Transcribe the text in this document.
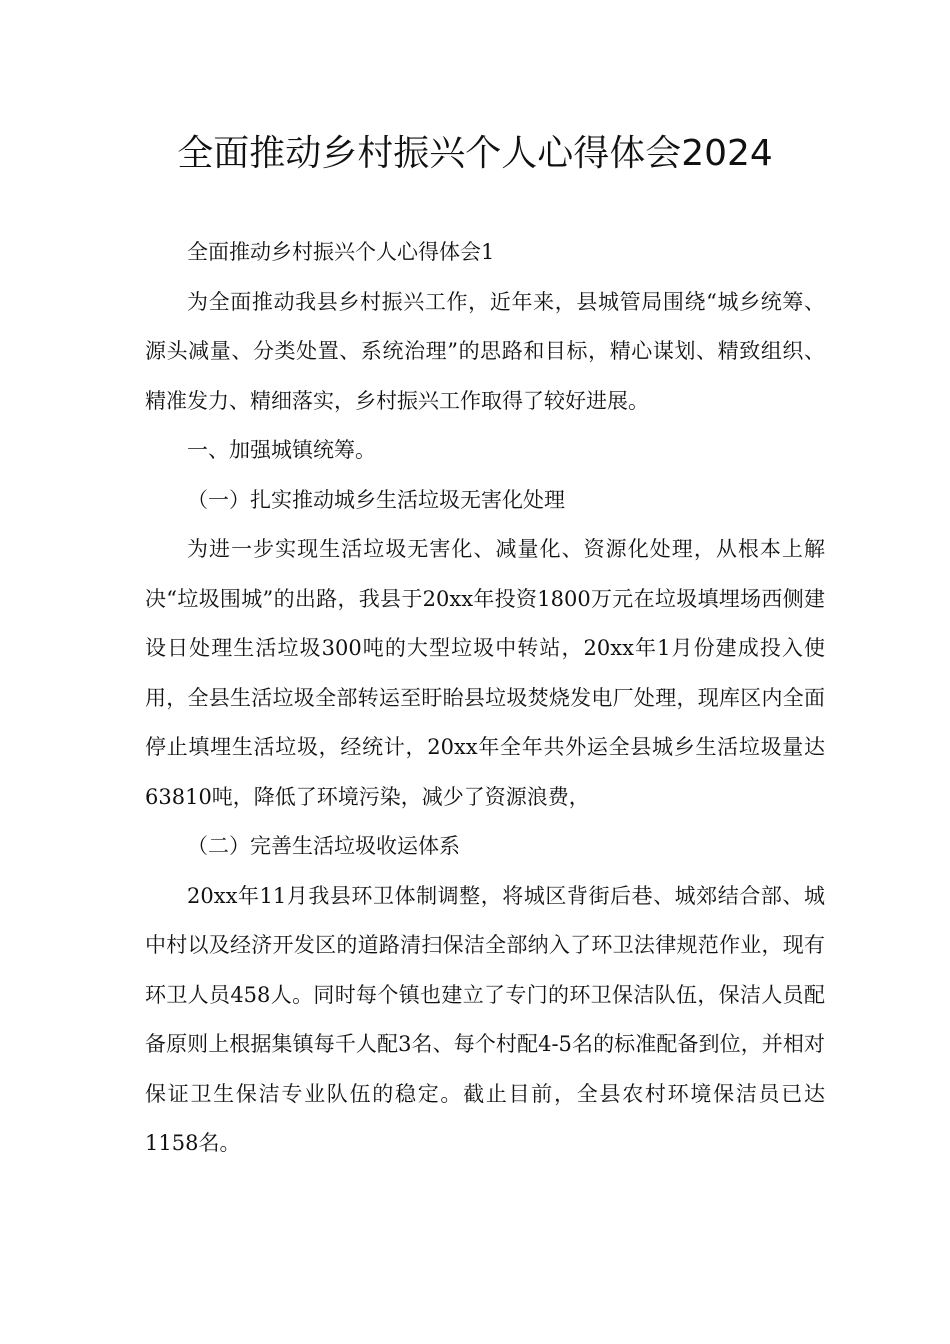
全面推动乡村振兴个人心得体会2024

全面推动乡村振兴个人心得体会1

为全面推动我县乡村振兴工作，近年来，县城管局围绕“城乡统筹、源头减量、分类处置、系统治理”的思路和目标，精心谋划、精致组织、精准发力、精细落实，乡村振兴工作取得了较好进展。

一、加强城镇统筹。

（一）扎实推动城乡生活垃圾无害化处理

为进一步实现生活垃圾无害化、减量化、资源化处理，从根本上解决“垃圾围城”的出路，我县于20xx年投资1800万元在垃圾填埋场西侧建设日处理生活垃圾300吨的大型垃圾中转站，20xx年1月份建成投入使用，全县生活垃圾全部转运至盱眙县垃圾焚烧发电厂处理，现库区内全面停止填埋生活垃圾，经统计，20xx年全年共外运全县城乡生活垃圾量达63810吨，降低了环境污染，减少了资源浪费，

（二）完善生活垃圾收运体系

20xx年11月我县环卫体制调整，将城区背街后巷、城郊结合部、城中村以及经济开发区的道路清扫保洁全部纳入了环卫法律规范作业，现有环卫人员458人。同时每个镇也建立了专门的环卫保洁队伍，保洁人员配备原则上根据集镇每千人配3名、每个村配4-5名的标准配备到位，并相对保证卫生保洁专业队伍的稳定。截止目前，全县农村环境保洁员已达1158名。
